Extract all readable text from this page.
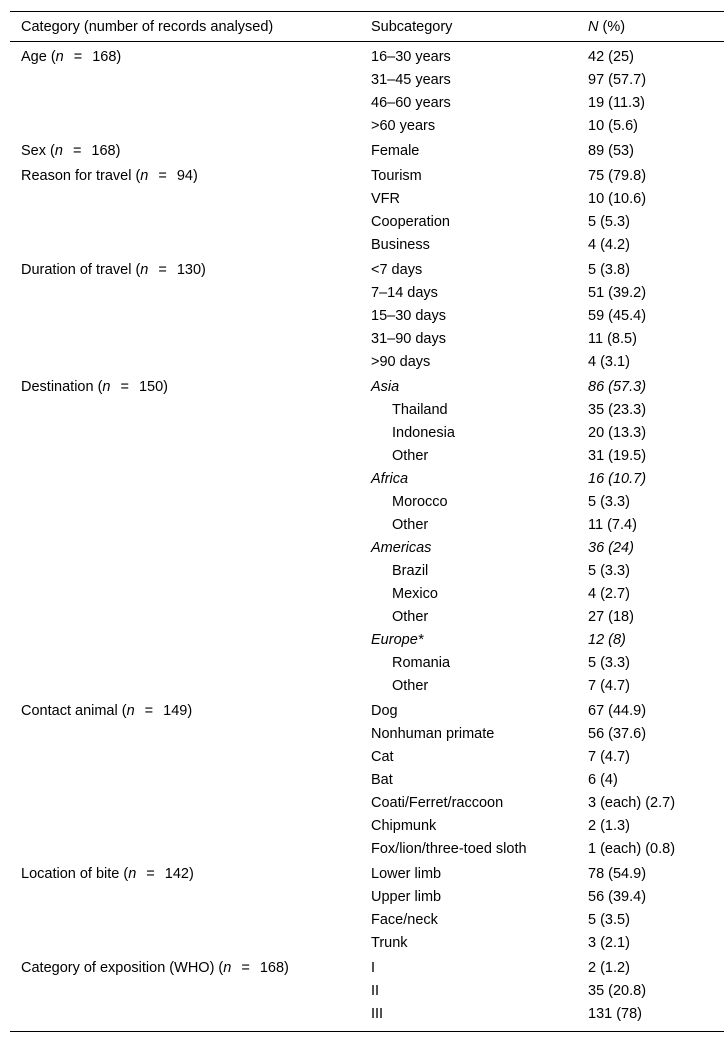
Category (number of records analysed)	Subcategory	N (%)
Age (n = 168)	16–30 years	42 (25)
31–45 years	97 (57.7)
46–60 years	19 (11.3)
>60 years	10 (5.6)
Sex (n = 168)	Female	89 (53)
Reason for travel (n = 94)	Tourism	75 (79.8)
VFR	10 (10.6)
Cooperation	5 (5.3)
Business	4 (4.2)
Duration of travel (n = 130)	<7 days	5 (3.8)
7–14 days	51 (39.2)
15–30 days	59 (45.4)
31–90 days	11 (8.5)
>90 days	4 (3.1)
Destination (n = 150)	Asia	86 (57.3)
Thailand	35 (23.3)
Indonesia	20 (13.3)
Other	31 (19.5)
Africa	16 (10.7)
Morocco	5 (3.3)
Other	11 (7.4)
Americas	36 (24)
Brazil	5 (3.3)
Mexico	4 (2.7)
Other	27 (18)
Europe*	12 (8)
Romania	5 (3.3)
Other	7 (4.7)
Contact animal (n = 149)	Dog	67 (44.9)
Nonhuman primate	56 (37.6)
Cat	7 (4.7)
Bat	6 (4)
Coati/Ferret/raccoon	3 (each) (2.7)
Chipmunk	2 (1.3)
Fox/lion/three-toed sloth	1 (each) (0.8)
Location of bite (n = 142)	Lower limb	78 (54.9)
Upper limb	56 (39.4)
Face/neck	5 (3.5)
Trunk	3 (2.1)
Category of exposition (WHO) (n = 168)	I	2 (1.2)
II	35 (20.8)
III	131 (78)
